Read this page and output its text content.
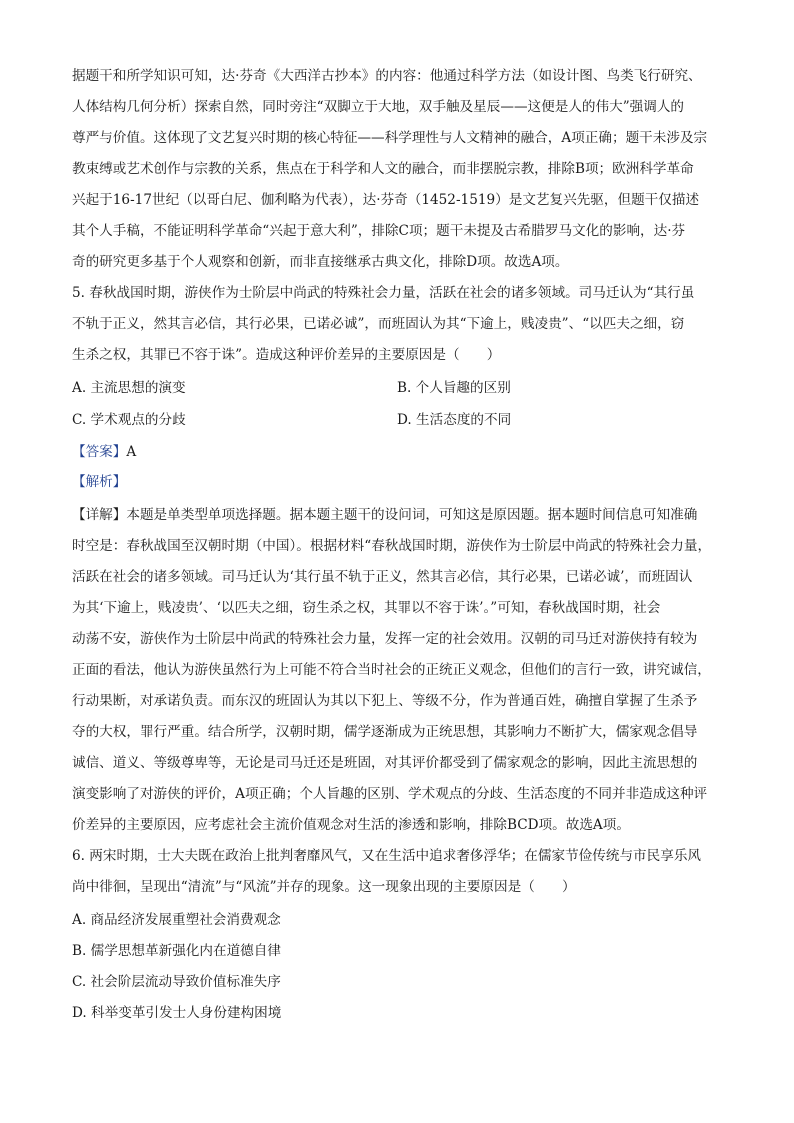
据题干和所学知识可知，达·芬奇《大西洋古抄本》的内容：他通过科学方法（如设计图、鸟类飞行研究、
人体结构几何分析）探索自然，同时旁注“双脚立于大地，双手触及星辰——这便是人的伟大”强调人的
尊严与价值。这体现了文艺复兴时期的核心特征——科学理性与人文精神的融合，A项正确；题干未涉及宗
教束缚或艺术创作与宗教的关系，焦点在于科学和人文的融合，而非摆脱宗教，排除B项；欧洲科学革命
兴起于16-17世纪（以哥白尼、伽利略为代表），达·芬奇（1452-1519）是文艺复兴先驱，但题干仅描述
其个人手稿，不能证明科学革命“兴起于意大利”，排除C项；题干未提及古希腊罗马文化的影响，达·芬
奇的研究更多基于个人观察和创新，而非直接继承古典文化，排除D项。故选A项。
5. 春秋战国时期，游侠作为士阶层中尚武的特殊社会力量，活跃在社会的诸多领域。司马迁认为“其行虽
不轨于正义，然其言必信，其行必果，已诺必诚”，而班固认为其“下逾上，贱凌贵”、“以匹夫之细，窃
生杀之权，其罪已不容于诛”。造成这种评价差异的主要原因是（　　）
A. 主流思想的演变	B. 个人旨趣的区别
C. 学术观点的分歧	D. 生活态度的不同
【答案】A
【解析】
【详解】本题是单类型单项选择题。据本题主题干的设问词，可知这是原因题。据本题时间信息可知准确
时空是：春秋战国至汉朝时期（中国）。根据材料“春秋战国时期，游侠作为士阶层中尚武的特殊社会力量，
活跃在社会的诸多领域。司马迁认为‘其行虽不轨于正义，然其言必信，其行必果，已诺必诚’，而班固认
为其‘下逾上，贱凌贵’、‘以匹夫之细，窃生杀之权，其罪以不容于诛’。”可知，春秋战国时期，社会
动荡不安，游侠作为士阶层中尚武的特殊社会力量，发挥一定的社会效用。汉朝的司马迁对游侠持有较为
正面的看法，他认为游侠虽然行为上可能不符合当时社会的正统正义观念，但他们的言行一致，讲究诚信，
行动果断，对承诺负责。而东汉的班固认为其以下犯上、等级不分，作为普通百姓，确擅自掌握了生杀予
夺的大权，罪行严重。结合所学，汉朝时期，儒学逐渐成为正统思想，其影响力不断扩大，儒家观念倡导
诚信、道义、等级尊卑等，无论是司马迁还是班固，对其评价都受到了儒家观念的影响，因此主流思想的
演变影响了对游侠的评价，A项正确；个人旨趣的区别、学术观点的分歧、生活态度的不同并非造成这种评
价差异的主要原因，应考虑社会主流价值观念对生活的渗透和影响，排除BCD项。故选A项。
6. 两宋时期，士大夫既在政治上批判奢靡风气，又在生活中追求奢侈浮华；在儒家节俭传统与市民享乐风
尚中徘徊，呈现出“清流”与“风流”并存的现象。这一现象出现的主要原因是（　　）
A. 商品经济发展重塑社会消费观念
B. 儒学思想革新强化内在道德自律
C. 社会阶层流动导致价值标准失序
D. 科举变革引发士人身份建构困境
